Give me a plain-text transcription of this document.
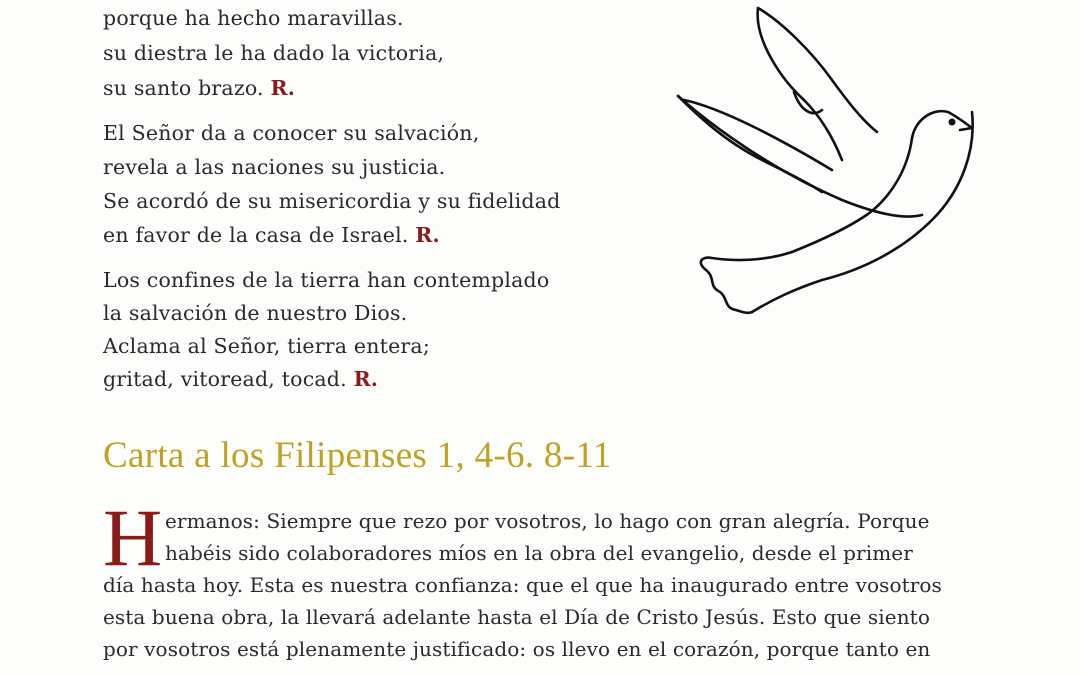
porque ha hecho maravillas.
su diestra le ha dado la victoria,
su santo brazo. R.
El Señor da a conocer su salvación,
revela a las naciones su justicia.
Se acordó de su misericordia y su fidelidad
en favor de la casa de Israel. R.
Los confines de la tierra han contemplado
la salvación de nuestro Dios.
Aclama al Señor, tierra entera;
gritad, vitoread, tocad. R.
Carta a los Filipenses 1, 4-6. 8-11
H ermanos: Siempre que rezo por vosotros, lo hago con gran alegría. Porque
habéis sido colaboradores míos en la obra del evangelio, desde el primer
día hasta hoy. Esta es nuestra confianza: que el que ha inaugurado entre vosotros
esta buena obra, la llevará adelante hasta el Día de Cristo Jesús. Esto que siento
por vosotros está plenamente justificado: os llevo en el corazón, porque tanto en
